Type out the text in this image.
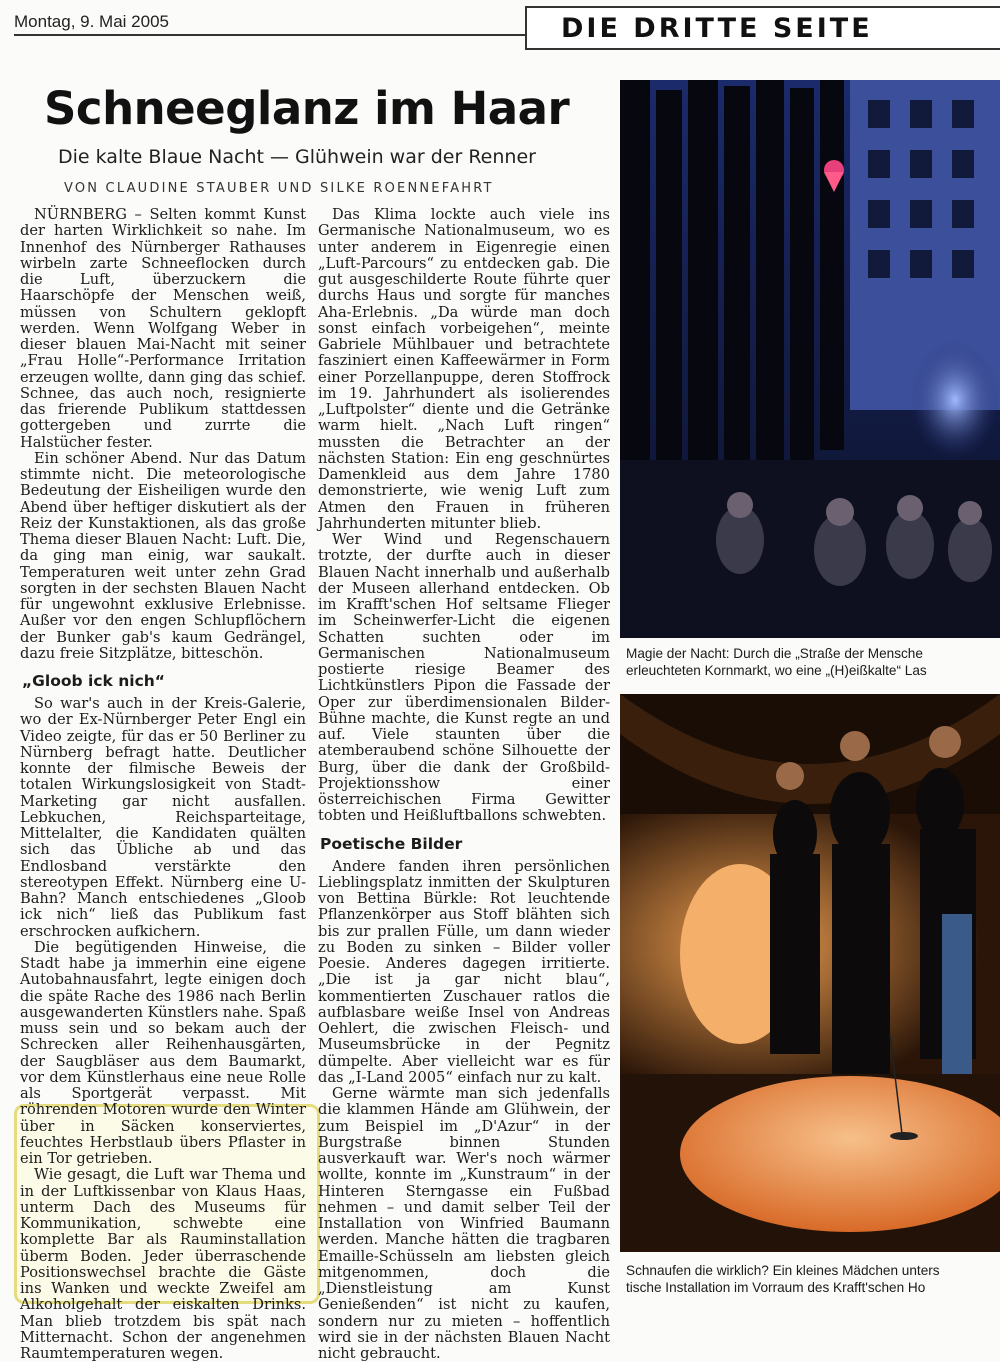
Montag, 9. Mai 2005	DIE DRITTE SEITE
Schneeglanz im Haar
Die kalte Blaue Nacht — Glühwein war der Renner
VON CLAUDINE STAUBER UND SILKE ROENNEFAHRT

NÜRNBERG – Selten kommt Kunst der harten Wirklichkeit so nahe. Im Innenhof des Nürnberger Rathauses wirbeln zarte Schneeflocken durch die Luft, überzuckern die Haarschöpfe der Menschen weiß, müssen von Schultern geklopft werden. Wenn Wolfgang Weber in dieser blauen Mai-Nacht mit seiner „Frau Holle“-Performance Irritation erzeugen wollte, dann ging das schief. Schnee, das auch noch, resignierte das frierende Publikum stattdessen gottergeben und zurrte die Halstücher fester.

Ein schöner Abend. Nur das Datum stimmte nicht. Die meteorologische Bedeutung der Eisheiligen wurde den Abend über heftiger diskutiert als der Reiz der Kunstaktionen, als das große Thema dieser Blauen Nacht: Luft. Die, da ging man einig, war saukalt. Temperaturen weit unter zehn Grad sorgten in der sechsten Blauen Nacht für ungewohnt exklusive Erlebnisse. Außer vor den engen Schlupflöchern der Bunker gab's kaum Gedrängel, dazu freie Sitzplätze, bitteschön.

„Gloob ick nich“

So war's auch in der Kreis-Galerie, wo der Ex-Nürnberger Peter Engl ein Video zeigte, für das er 50 Berliner zu Nürnberg befragt hatte. Deutlicher konnte der filmische Beweis der totalen Wirkungslosigkeit von Stadt-Marketing gar nicht ausfallen. Lebkuchen, Reichsparteitage, Mittelalter, die Kandidaten quälten sich das Übliche ab und das Endlosband verstärkte den stereotypen Effekt. Nürnberg eine U-Bahn? Manch entschiedenes „Gloob ick nich“ ließ das Publikum fast erschrocken aufkichern.

Die begütigenden Hinweise, die Stadt habe ja immerhin eine eigene Autobahnausfahrt, legte einigen doch die späte Rache des 1986 nach Berlin ausgewanderten Künstlers nahe. Spaß muss sein und so bekam auch der Schrecken aller Reihenhausgärten, der Saugbläser aus dem Baumarkt, vor dem Künstlerhaus eine neue Rolle als Sportgerät verpasst. Mit röhrenden Motoren wurde den Winter über in Säcken konserviertes, feuchtes Herbstlaub übers Pflaster in ein Tor getrieben.

Wie gesagt, die Luft war Thema und in der Luftkissenbar von Klaus Haas, unterm Dach des Museums für Kommunikation, schwebte eine komplette Bar als Rauminstallation überm Boden. Jeder überraschende Positionswechsel brachte die Gäste ins Wanken und weckte Zweifel am Alkoholgehalt der eiskalten Drinks. Man blieb trotzdem bis spät nach Mitternacht. Schon der angenehmen Raumtemperaturen wegen.

Das Klima lockte auch viele ins Germanische Nationalmuseum, wo es unter anderem in Eigenregie einen „Luft-Parcours“ zu entdecken gab. Die gut ausgeschilderte Route führte quer durchs Haus und sorgte für manches Aha-Erlebnis. „Da würde man doch sonst einfach vorbeigehen“, meinte Gabriele Mühlbauer und betrachtete fasziniert einen Kaffeewärmer in Form einer Porzellanpuppe, deren Stoffrock im 19. Jahrhundert als isolierendes „Luftpolster“ diente und die Getränke warm hielt. „Nach Luft ringen“ mussten die Betrachter an der nächsten Station: Ein eng geschnürtes Damenkleid aus dem Jahre 1780 demonstrierte, wie wenig Luft zum Atmen den Frauen in früheren Jahrhunderten mitunter blieb.

Wer Wind und Regenschauern trotzte, der durfte auch in dieser Blauen Nacht innerhalb und außerhalb der Museen allerhand entdecken. Ob im Krafft'schen Hof seltsame Flieger im Scheinwerfer-Licht die eigenen Schatten suchten oder im Germanischen Nationalmuseum postierte riesige Beamer des Lichtkünstlers Pipon die Fassade der Oper zur überdimensionalen Bilder-Bühne machte, die Kunst regte an und auf. Viele staunten über die atemberaubend schöne Silhouette der Burg, über die dank der Großbild-Projektionsshow einer österreichischen Firma Gewitter tobten und Heißluftballons schwebten.

Poetische Bilder

Andere fanden ihren persönlichen Lieblingsplatz inmitten der Skulpturen von Bettina Bürkle: Rot leuchtende Pflanzenkörper aus Stoff blähten sich bis zur prallen Fülle, um dann wieder zu Boden zu sinken – Bilder voller Poesie. Anderes dagegen irritierte. „Die ist ja gar nicht blau“, kommentierten Zuschauer ratlos die aufblasbare weiße Insel von Andreas Oehlert, die zwischen Fleisch- und Museumsbrücke in der Pegnitz dümpelte. Aber vielleicht war es für das „I-Land 2005“ einfach nur zu kalt.

Gerne wärmte man sich jedenfalls die klammen Hände am Glühwein, der zum Beispiel im „D'Azur“ in der Burgstraße binnen Stunden ausverkauft war. Wer's noch wärmer wollte, konnte im „Kunstraum“ in der Hinteren Sterngasse ein Fußbad nehmen – und damit selber Teil der Installation von Winfried Baumann werden. Manche hätten die tragbaren Emaille-Schüsseln am liebsten gleich mitgenommen, doch die „Dienstleistung am Kunst Genießenden“ ist nicht zu kaufen, sondern nur zu mieten – hoffentlich wird sie in der nächsten Blauen Nacht nicht gebraucht.

Magie der Nacht: Durch die „Straße der Mensche
erleuchteten Kornmarkt, wo eine „(H)eißkalte“ Las
Schnaufen die wirklich? Ein kleines Mädchen unters
tische Installation im Vorraum des Krafft'schen Ho
